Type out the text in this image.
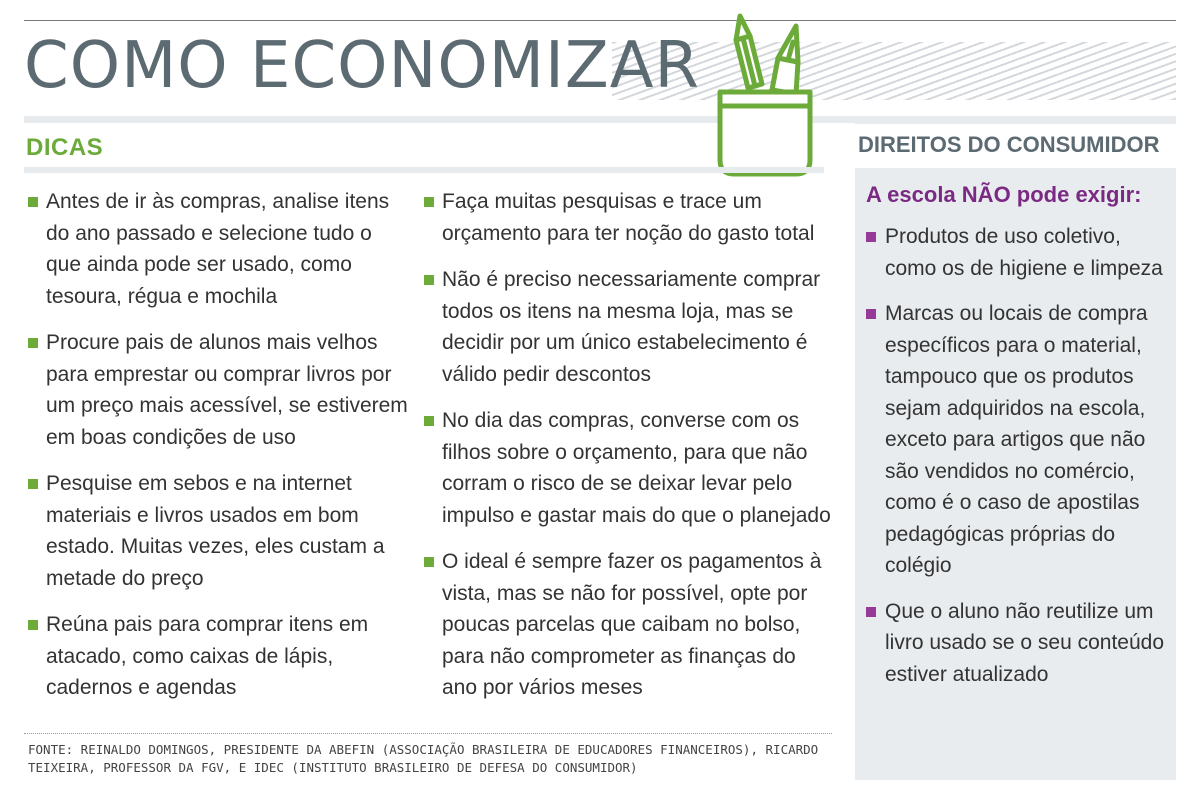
COMO ECONOMIZAR
DICAS
Antes de ir às compras, analise itens do ano passado e selecione tudo o que ainda pode ser usado, como tesoura, régua e mochila
Procure pais de alunos mais velhos para emprestar ou comprar livros por um preço mais acessível, se estiverem em boas condições de uso
Pesquise em sebos e na internet materiais e livros usados em bom estado. Muitas vezes, eles custam a metade do preço
Reúna pais para comprar itens em atacado, como caixas de lápis, cadernos e agendas
Faça muitas pesquisas e trace um orçamento para ter noção do gasto total
Não é preciso necessariamente comprar todos os itens na mesma loja, mas se decidir por um único estabelecimento é válido pedir descontos
No dia das compras, converse com os filhos sobre o orçamento, para que não corram o risco de se deixar levar pelo impulso e gastar mais do que o planejado
O ideal é sempre fazer os pagamentos à vista, mas se não for possível, opte por poucas parcelas que caibam no bolso, para não comprometer as finanças do ano por vários meses
DIREITOS DO CONSUMIDOR
A escola NÃO pode exigir:
Produtos de uso coletivo, como os de higiene e limpeza
Marcas ou locais de compra específicos para o material, tampouco que os produtos sejam adquiridos na escola, exceto para artigos que não são vendidos no comércio, como é o caso de apostilas pedagógicas próprias do colégio
Que o aluno não reutilize um livro usado se o seu conteúdo estiver atualizado
FONTE: REINALDO DOMINGOS, PRESIDENTE DA ABEFIN (ASSOCIAÇÃO BRASILEIRA DE EDUCADORES FINANCEIROS), RICARDO TEIXEIRA, PROFESSOR DA FGV, E IDEC (INSTITUTO BRASILEIRO DE DEFESA DO CONSUMIDOR)
